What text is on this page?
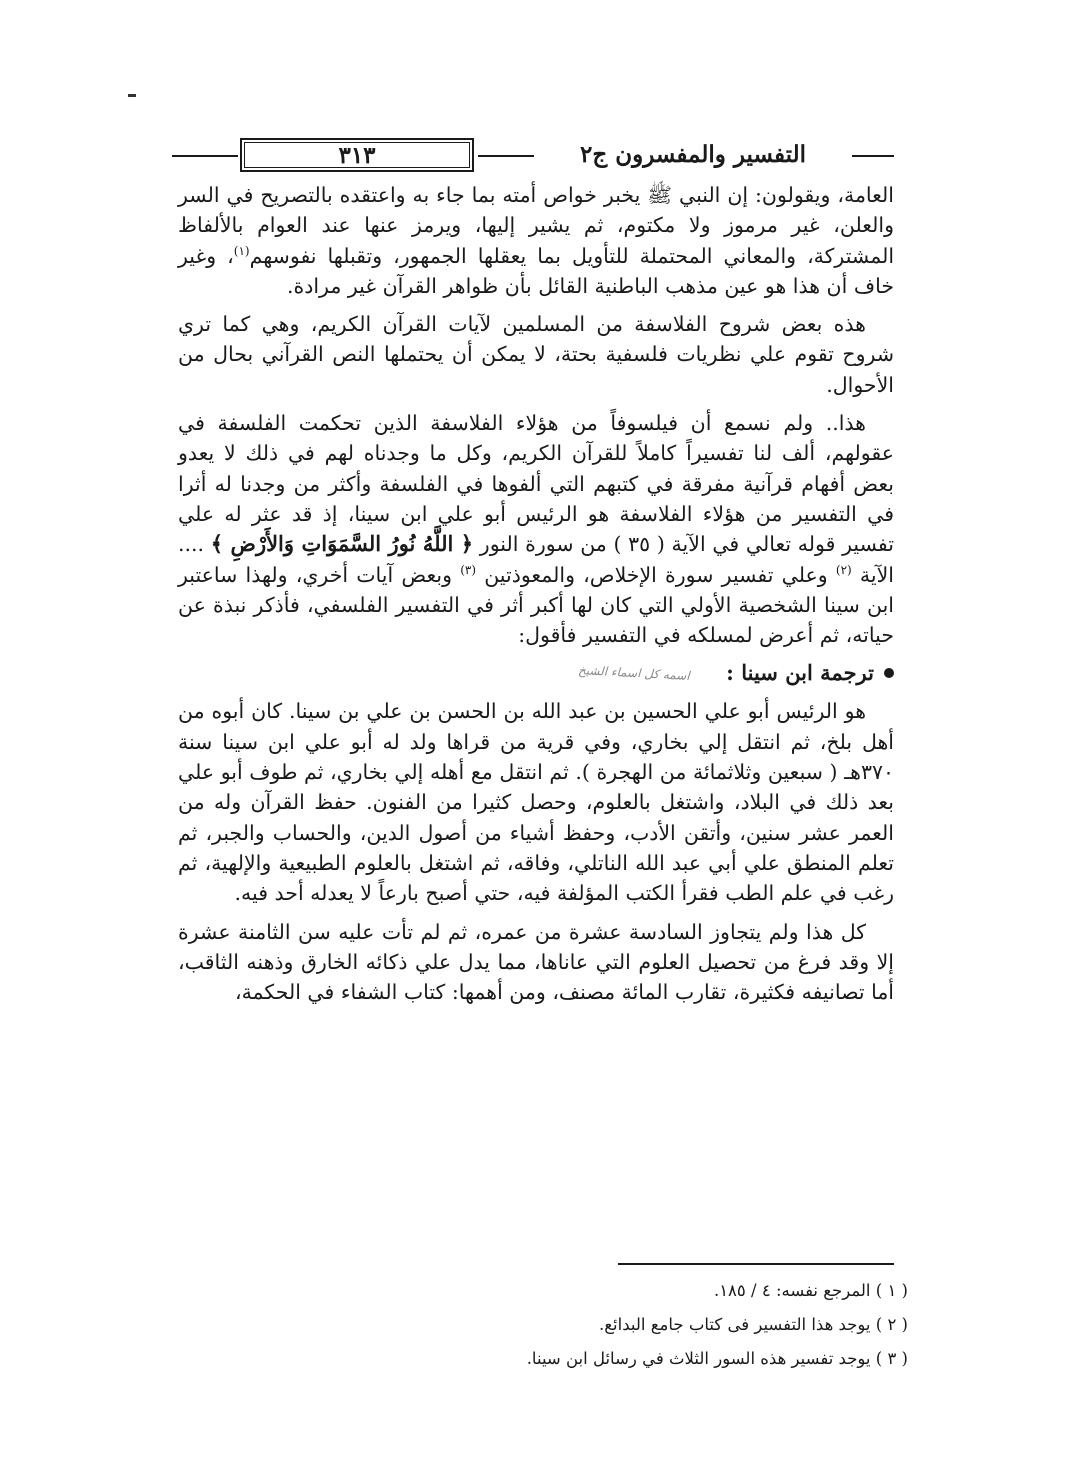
٣١٣	التفسير والمفسرون ج٢

العامة، ويقولون: إن النبي ﷺ يخبر خواص أمته بما جاء به واعتقده بالتصريح في السر والعلن، غير مرموز ولا مكتوم، ثم يشير إليها، ويرمز عنها عند العوام بالألفاظ المشتركة، والمعاني المحتملة للتأويل بما يعقلها الجمهور، وتقبلها نفوسهم$^{(١)}$، وغير خاف أن هذا هو عين مذهب الباطنية القائل بأن ظواهر القرآن غير مرادة.

هذه بعض شروح الفلاسفة من المسلمين لآيات القرآن الكريم، وهي كما تري شروح تقوم علي نظريات فلسفية بحتة، لا يمكن أن يحتملها النص القرآني بحال من الأحوال.

هذا.. ولم نسمع أن فيلسوفاً من هؤلاء الفلاسفة الذين تحكمت الفلسفة في عقولهم، ألف لنا تفسيراً كاملاً للقرآن الكريم، وكل ما وجدناه لهم في ذلك لا يعدو بعض أفهام قرآنية مفرقة في كتبهم التي ألفوها في الفلسفة وأكثر من وجدنا له أثرا في التفسير من هؤلاء الفلاسفة هو الرئيس أبو علي ابن سينا، إذ قد عثر له علي تفسير قوله تعالي في الآية ( ٣٥ ) من سورة النور ﴿ اللَّهُ نُورُ السَّمَوَاتِ وَالأَرْضِ ﴾ .... الآية $^{(٢)}$ وعلي تفسير سورة الإخلاص، والمعوذتين $^{(٣)}$ وبعض آيات أخري، ولهذا ساعتبر ابن سينا الشخصية الأولي التي كان لها أكبر أثر في التفسير الفلسفي، فأذكر نبذة عن حياته، ثم أعرض لمسلكه في التفسير فأقول:

ترجمة ابن سينا :
اسمه كل اسماء الشيخ

هو الرئيس أبو علي الحسين بن عبد الله بن الحسن بن علي بن سينا. كان أبوه من أهل بلخ، ثم انتقل إلي بخاري، وفي قرية من قراها ولد له أبو علي ابن سينا سنة ٣٧٠هـ ( سبعين وثلاثمائة من الهجرة ). ثم انتقل مع أهله إلي بخاري، ثم طوف أبو علي بعد ذلك في البلاد، واشتغل بالعلوم، وحصل كثيرا من الفنون. حفظ القرآن وله من العمر عشر سنين، وأتقن الأدب، وحفظ أشياء من أصول الدين، والحساب والجبر، ثم تعلم المنطق علي أبي عبد الله الناتلي، وفاقه، ثم اشتغل بالعلوم الطبيعية والإلهية، ثم رغب في علم الطب فقرأ الكتب المؤلفة فيه، حتي أصبح بارعاً لا يعدله أحد فيه.

كل هذا ولم يتجاوز السادسة عشرة من عمره، ثم لم تأت عليه سن الثامنة عشرة إلا وقد فرغ من تحصيل العلوم التي عاناها، مما يدل علي ذكائه الخارق وذهنه الثاقب، أما تصانيفه فكثيرة، تقارب المائة مصنف، ومن أهمها: كتاب الشفاء في الحكمة،

( ١ ) المرجع نفسه: ٤ / ١٨٥.
( ٢ ) يوجد هذا التفسير فى كتاب جامع البدائع.
( ٣ ) يوجد تفسير هذه السور الثلاث في رسائل ابن سينا.
